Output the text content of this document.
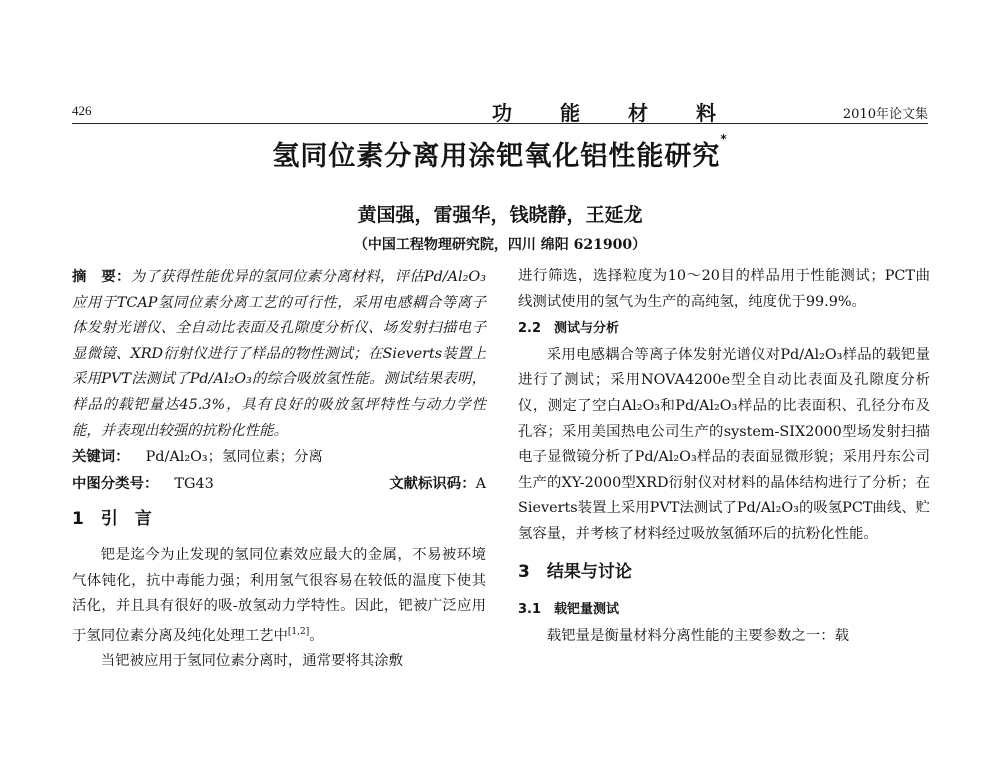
426	功能材料	2010年论文集
氢同位素分离用涂钯氧化铝性能研究*
黄国强，雷强华，钱晓静，王延龙
（中国工程物理研究院，四川 绵阳 621900）

摘　要：为了获得性能优异的氢同位素分离材料，评估Pd/Al₂O₃应用于TCAP氢同位素分离工艺的可行性，采用电感耦合等离子体发射光谱仪、全自动比表面及孔隙度分析仪、场发射扫描电子显微镜、XRD衍射仪进行了样品的物性测试；在Sieverts装置上采用PVT法测试了Pd/Al₂O₃的综合吸放氢性能。测试结果表明，样品的载钯量达45.3%，具有良好的吸放氢坪特性与动力学性能，并表现出较强的抗粉化性能。

关键词： Pd/Al₂O₃；氢同位素；分离

中图分类号： TG43	文献标识码：A

1　引　言

钯是迄今为止发现的氢同位素效应最大的金属，不易被环境气体钝化，抗中毒能力强；利用氢气很容易在较低的温度下使其活化，并且具有很好的吸-放氢动力学特性。因此，钯被广泛应用于氢同位素分离及纯化处理工艺中[1,2]。

当钯被应用于氢同位素分离时，通常要将其涂敷

进行筛选，选择粒度为10～20目的样品用于性能测试；PCT曲线测试使用的氢气为生产的高纯氢，纯度优于99.9%。

2.2　测试与分析

采用电感耦合等离子体发射光谱仪对Pd/Al₂O₃样品的载钯量进行了测试；采用NOVA4200e型全自动比表面及孔隙度分析仪，测定了空白Al₂O₃和Pd/Al₂O₃样品的比表面积、孔径分布及孔容；采用美国热电公司生产的system-SIX2000型场发射扫描电子显微镜分析了Pd/Al₂O₃样品的表面显微形貌；采用丹东公司生产的XY-2000型XRD衍射仪对材料的晶体结构进行了分析；在Sieverts装置上采用PVT法测试了Pd/Al₂O₃的吸氢PCT曲线、贮氢容量，并考核了材料经过吸放氢循环后的抗粉化性能。

3　结果与讨论
3.1　载钯量测试

载钯量是衡量材料分离性能的主要参数之一：载
